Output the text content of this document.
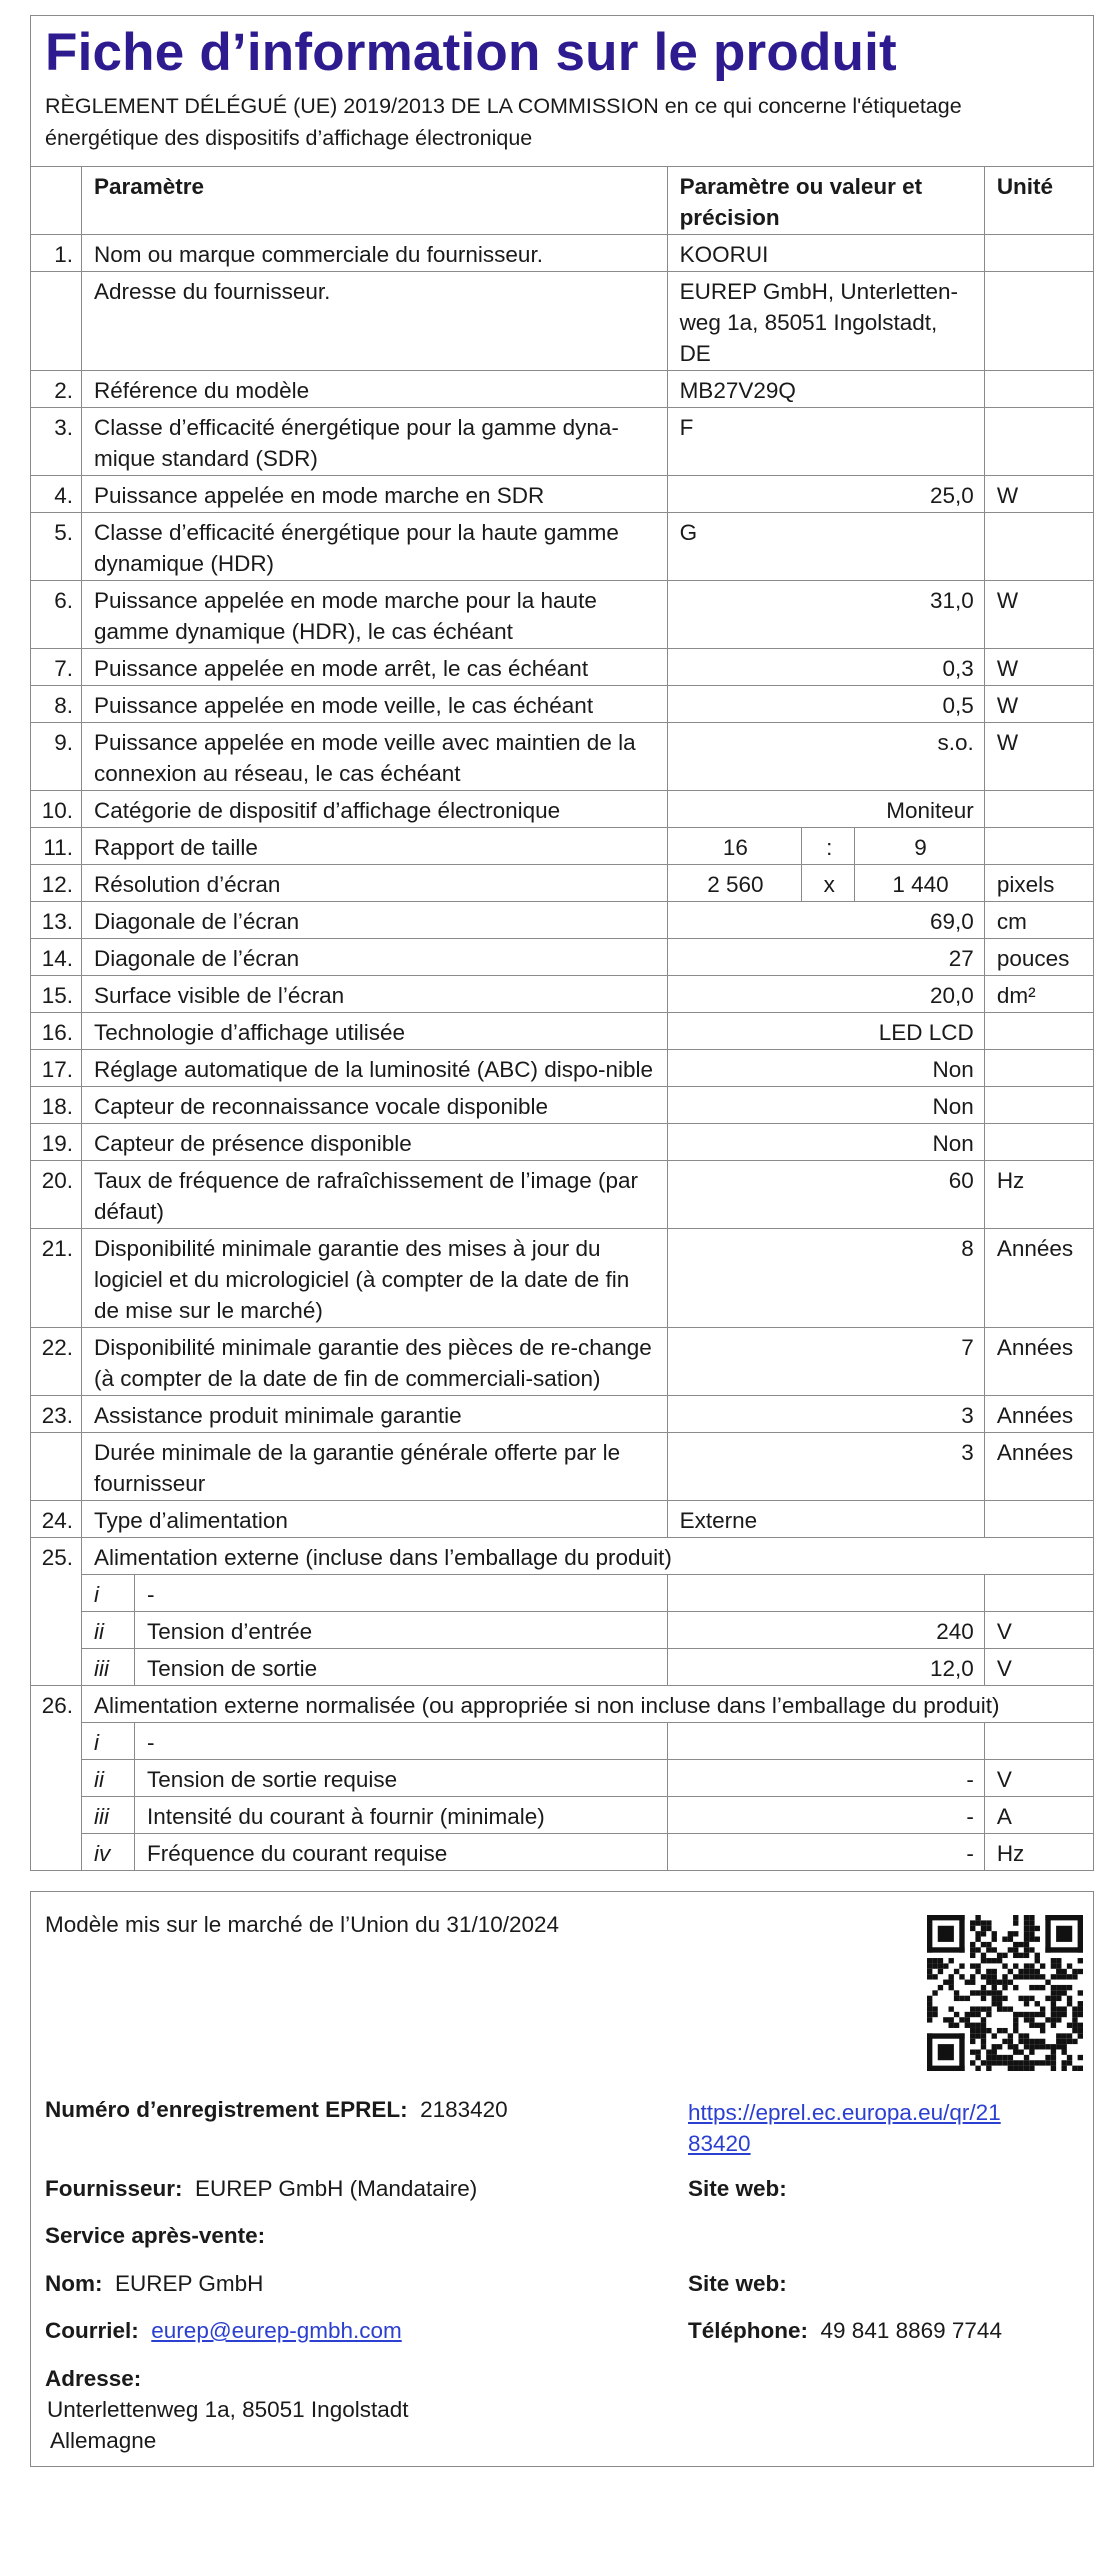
Fiche d’information sur le produit
RÈGLEMENT DÉLÉGUÉ (UE) 2019/2013 DE LA COMMISSION en ce qui concerne l'étiquetage énergétique des dispositifs d’affichage électronique
	Paramètre		Paramètre ou valeur et précision			Unité
1.	Nom ou marque commerciale du fournisseur.		KOORUI			
	Adresse du fournisseur.		EUREP GmbH, Unterletten-weg 1a, 85051 Ingolstadt, DE			
2.	Référence du modèle		MB27V29Q			
3.	Classe d’efficacité énergétique pour la gamme dyna-mique standard (SDR)		F			
4.	Puissance appelée en mode marche en SDR		25,0			W
5.	Classe d’efficacité énergétique pour la haute gamme dynamique (HDR)		G			
6.	Puissance appelée en mode marche pour la haute gamme dynamique (HDR), le cas échéant		31,0			W
7.	Puissance appelée en mode arrêt, le cas échéant		0,3			W
8.	Puissance appelée en mode veille, le cas échéant		0,5			W
9.	Puissance appelée en mode veille avec maintien de la connexion au réseau, le cas échéant		s.o.			W
10.	Catégorie de dispositif d’affichage électronique		Moniteur			
11.	Rapport de taille		16	:	9	
12.	Résolution d’écran		2 560	x	1 440	pixels
13.	Diagonale de l’écran		69,0			cm
14.	Diagonale de l’écran		27			pouces
15.	Surface visible de l’écran		20,0			dm²
16.	Technologie d’affichage utilisée		LED LCD			
17.	Réglage automatique de la luminosité (ABC) dispo-nible		Non			
18.	Capteur de reconnaissance vocale disponible		Non			
19.	Capteur de présence disponible		Non			
20.	Taux de fréquence de rafraîchissement de l’image (par défaut)		60			Hz
21.	Disponibilité minimale garantie des mises à jour du logiciel et du micrologiciel (à compter de la date de fin de mise sur le marché)		8			Années
22.	Disponibilité minimale garantie des pièces de re-change (à compter de la date de fin de commerciali-sation)		7			Années
23.	Assistance produit minimale garantie		3			Années
	Durée minimale de la garantie générale offerte par le fournisseur		3			Années
24.	Type d’alimentation		Externe			
25.	Alimentation externe (incluse dans l’emballage du produit)					
	i	-				
	ii	Tension d’entrée	240			V
	iii	Tension de sortie	12,0			V
26.	Alimentation externe normalisée (ou appropriée si non incluse dans l’emballage du produit)					
	i	-				
	ii	Tension de sortie requise	-			V
	iii	Intensité du courant à fournir (minimale)	-			A
	iv	Fréquence du courant requise	-			Hz
Modèle mis sur le marché de l’Union du 31/10/2024
Numéro d’enregistrement EPREL: 2183420	https://eprel.ec.europa.eu/qr/21
83420
Fournisseur: EUREP GmbH (Mandataire)	Site web:
Service après-vente:
Nom: EUREP GmbH	Site web:
Courriel: eurep@eurep-gmbh.com	Téléphone: 49 841 8869 7744
Adresse:
Unterlettenweg 1a, 85051 Ingolstadt
Allemagne
